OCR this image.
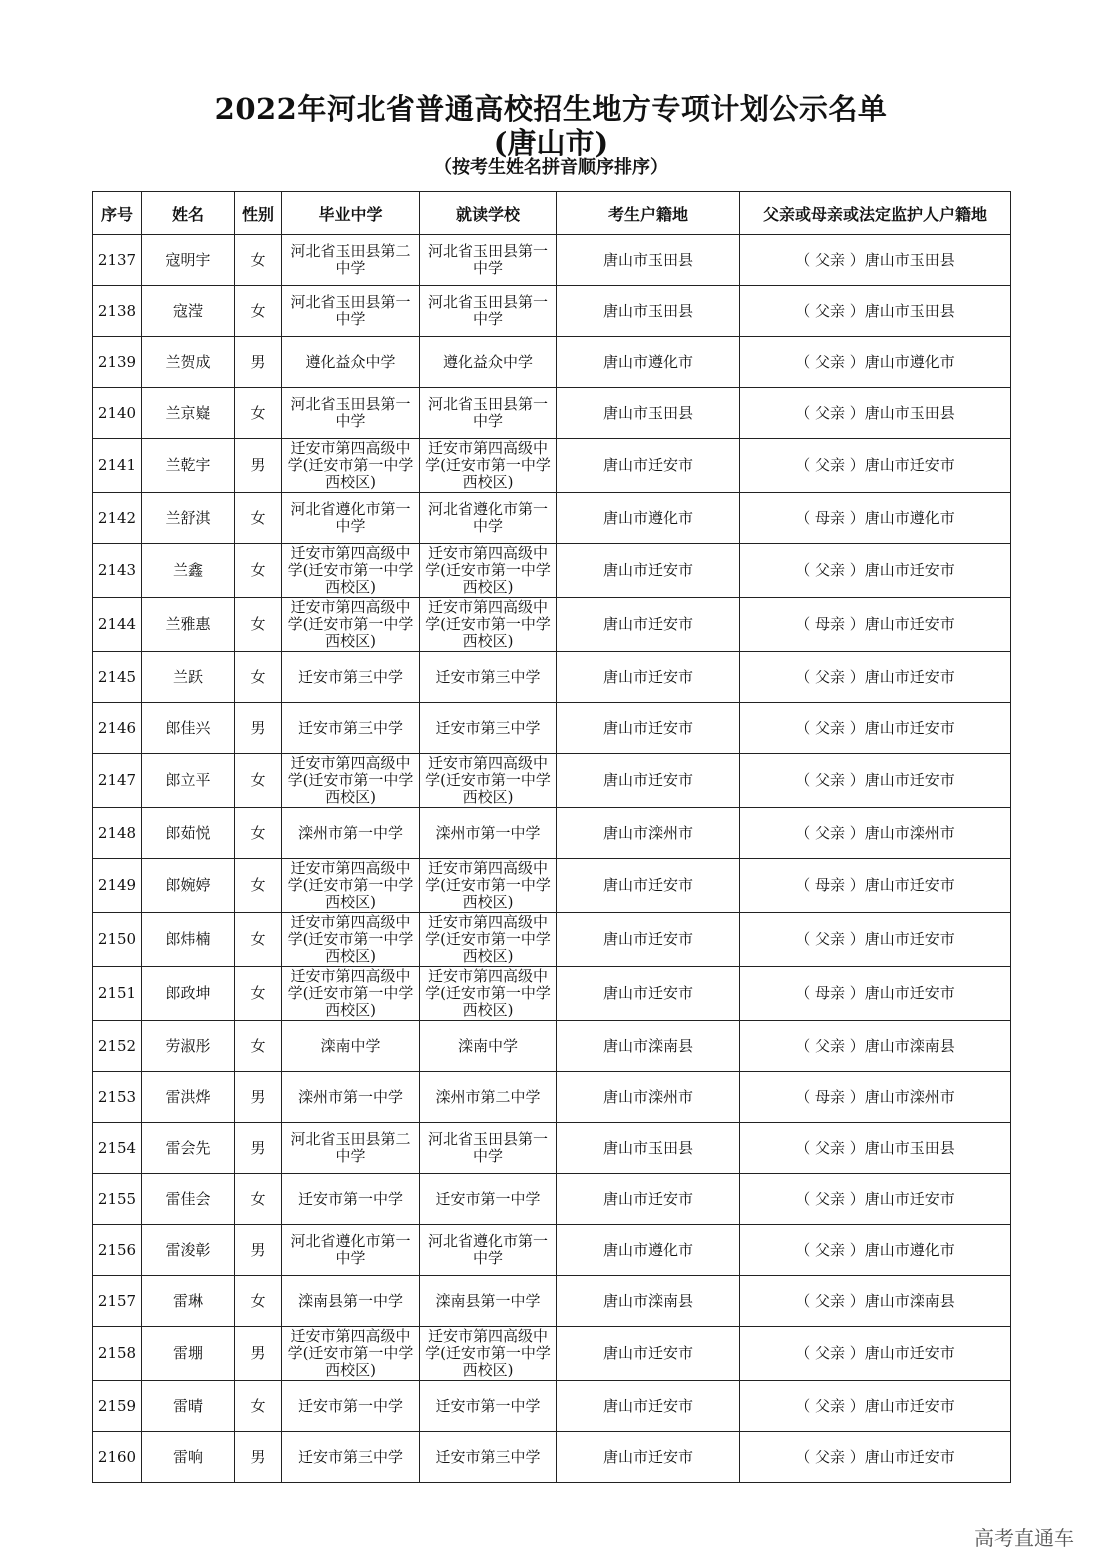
2022年河北省普通高校招生地方专项计划公示名单
(唐山市)
（按考生姓名拼音顺序排序）
序号	姓名	性别	毕业中学	就读学校	考生户籍地	父亲或母亲或法定监护人户籍地
2137	寇明宇	女	河北省玉田县第二中学	河北省玉田县第一中学	唐山市玉田县	（ 父亲 ）唐山市玉田县
2138	寇滢	女	河北省玉田县第一中学	河北省玉田县第一中学	唐山市玉田县	（ 父亲 ）唐山市玉田县
2139	兰贺成	男	遵化益众中学	遵化益众中学	唐山市遵化市	（ 父亲 ）唐山市遵化市
2140	兰京嶷	女	河北省玉田县第一中学	河北省玉田县第一中学	唐山市玉田县	（ 父亲 ）唐山市玉田县
2141	兰乾宇	男	迁安市第四高级中学(迁安市第一中学西校区)	迁安市第四高级中学(迁安市第一中学西校区)	唐山市迁安市	（ 父亲 ）唐山市迁安市
2142	兰舒淇	女	河北省遵化市第一中学	河北省遵化市第一中学	唐山市遵化市	（ 母亲 ）唐山市遵化市
2143	兰鑫	女	迁安市第四高级中学(迁安市第一中学西校区)	迁安市第四高级中学(迁安市第一中学西校区)	唐山市迁安市	（ 父亲 ）唐山市迁安市
2144	兰雅惠	女	迁安市第四高级中学(迁安市第一中学西校区)	迁安市第四高级中学(迁安市第一中学西校区)	唐山市迁安市	（ 母亲 ）唐山市迁安市
2145	兰跃	女	迁安市第三中学	迁安市第三中学	唐山市迁安市	（ 父亲 ）唐山市迁安市
2146	郎佳兴	男	迁安市第三中学	迁安市第三中学	唐山市迁安市	（ 父亲 ）唐山市迁安市
2147	郎立平	女	迁安市第四高级中学(迁安市第一中学西校区)	迁安市第四高级中学(迁安市第一中学西校区)	唐山市迁安市	（ 父亲 ）唐山市迁安市
2148	郎茹悦	女	滦州市第一中学	滦州市第一中学	唐山市滦州市	（ 父亲 ）唐山市滦州市
2149	郎婉婷	女	迁安市第四高级中学(迁安市第一中学西校区)	迁安市第四高级中学(迁安市第一中学西校区)	唐山市迁安市	（ 母亲 ）唐山市迁安市
2150	郎炜楠	女	迁安市第四高级中学(迁安市第一中学西校区)	迁安市第四高级中学(迁安市第一中学西校区)	唐山市迁安市	（ 父亲 ）唐山市迁安市
2151	郎政坤	女	迁安市第四高级中学(迁安市第一中学西校区)	迁安市第四高级中学(迁安市第一中学西校区)	唐山市迁安市	（ 母亲 ）唐山市迁安市
2152	劳淑彤	女	滦南中学	滦南中学	唐山市滦南县	（ 父亲 ）唐山市滦南县
2153	雷洪烨	男	滦州市第一中学	滦州市第二中学	唐山市滦州市	（ 母亲 ）唐山市滦州市
2154	雷会先	男	河北省玉田县第二中学	河北省玉田县第一中学	唐山市玉田县	（ 父亲 ）唐山市玉田县
2155	雷佳会	女	迁安市第一中学	迁安市第一中学	唐山市迁安市	（ 父亲 ）唐山市迁安市
2156	雷浚彰	男	河北省遵化市第一中学	河北省遵化市第一中学	唐山市遵化市	（ 父亲 ）唐山市遵化市
2157	雷琳	女	滦南县第一中学	滦南县第一中学	唐山市滦南县	（ 父亲 ）唐山市滦南县
2158	雷堋	男	迁安市第四高级中学(迁安市第一中学西校区)	迁安市第四高级中学(迁安市第一中学西校区)	唐山市迁安市	（ 父亲 ）唐山市迁安市
2159	雷晴	女	迁安市第一中学	迁安市第一中学	唐山市迁安市	（ 父亲 ）唐山市迁安市
2160	雷响	男	迁安市第三中学	迁安市第三中学	唐山市迁安市	（ 父亲 ）唐山市迁安市
高考直通车
